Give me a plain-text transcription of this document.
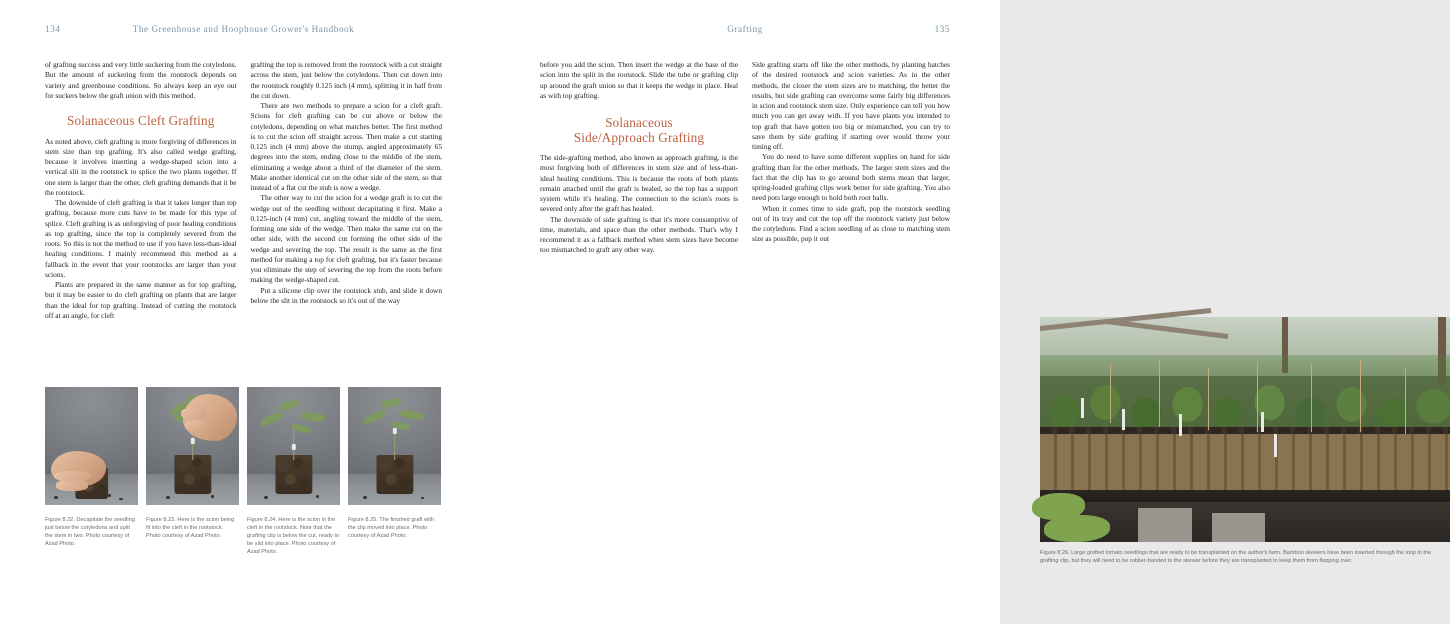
134	The Greenhouse and Hoophouse Grower's Handbook

of grafting success and very little suckering from the cotyledons. But the amount of suckering from the rootstock depends on variety and greenhouse conditions. So always keep an eye out for suckers below the graft union with this method.

Solanaceous Cleft Grafting

As noted above, cleft grafting is more forgiving of differences in stem size than top grafting. It's also called wedge grafting, because it involves inserting a wedge-shaped scion into a vertical slit in the rootstock to splice the two plants together. If one stem is larger than the other, cleft grafting demands that it be the rootstock.

The downside of cleft grafting is that it takes longer than top grafting, because more cuts have to be made for this type of splice. Cleft grafting is as unforgiving of poor healing conditions as top grafting, since the top is completely severed from the roots. So this is not the method to use if you have less-than-ideal healing conditions. I mainly recommend this method as a fallback in the event that your rootstocks are larger than your scions.

Plants are prepared in the same manner as for top grafting, but it may be easier to do cleft grafting on plants that are larger than the ideal for top grafting. Instead of cutting the rootstock off at an angle, for cleft

grafting the top is removed from the rootstock with a cut straight across the stem, just below the cotyledons. Then cut down into the rootstock roughly 0.125 inch (4 mm), splitting it in half from the cut down.

There are two methods to prepare a scion for a cleft graft. Scions for cleft grafting can be cut above or below the cotyledons, depending on what matches better. The first method is to cut the scion off straight across. Then make a cut starting 0.125 inch (4 mm) above the stump, angled approximately 65 degrees into the stem, ending close to the middle of the stem, eliminating a wedge about a third of the diameter of the stem. Make another identical cut on the other side of the stem, so that instead of a flat cut the stub is now a wedge.

The other way to cut the scion for a wedge graft is to cut the wedge out of the seedling without decapitating it first. Make a 0.125-inch (4 mm) cut, angling toward the middle of the stem, forming one side of the wedge. Then make the same cut on the other side, with the second cut forming the other side of the wedge and severing the top. The result is the same as the first method for making a top for cleft grafting, but it's faster because you eliminate the step of severing the top from the roots before making the wedge-shaped cut.

Put a silicone clip over the rootstock stub, and slide it down below the slit in the rootstock so it's out of the way

Figure 8.22. Decapitate the seedling just below the cotyledons and split the stem in two. Photo courtesy of Azad Photo.
Figure 8.23. Here is the scion being fit into the cleft in the rootstock. Photo courtesy of Azad Photo.
Figure 8.24. Here is the scion in the cleft in the rootstock. Note that the grafting clip is below the cut, ready to be slid into place. Photo courtesy of Azad Photo.
Figure 8.25. The finished graft with the clip moved into place. Photo courtesy of Azad Photo.
Grafting	135

before you add the scion. Then insert the wedge at the base of the scion into the split in the rootstock. Slide the tube or grafting clip up around the graft union so that it keeps the wedge in place. Heal as with top grafting.

Solanaceous
Side/Approach Grafting

The side-grafting method, also known as approach grafting, is the most forgiving both of differences in stem size and of less-than-ideal healing conditions. This is because the roots of both plants remain attached until the graft is healed, so the top has a support system while it's healing. The connection to the scion's roots is severed only after the graft has healed.

The downside of side grafting is that it's more consumptive of time, materials, and space than the other methods. That's why I recommend it as a fallback method when stem sizes have become too mismatched to graft any other way.

Side grafting starts off like the other methods, by planting batches of the desired rootstock and scion varieties. As in the other methods, the closer the stem sizes are to matching, the better the results, but side grafting can overcome some fairly big differences in scion and rootstock stem size. Only experience can tell you how much you can get away with. If you have plants you intended to top graft that have gotten too big or mismatched, you can try to save them by side grafting if starting over would throw your timing off.

You do need to have some different supplies on hand for side grafting than for the other methods. The larger stem sizes and the fact that the clip has to go around both stems mean that larger, spring-loaded grafting clips work better for side grafting. You also need pots large enough to hold both root balls.

When it comes time to side graft, pop the rootstock seedling out of its tray and cut the top off the rootstock variety just below the cotyledons. Find a scion seedling of as close to matching stem size as possible, pop it out

Figure 8.26. Large grafted tomato seedlings that are ready to be transplanted on the author's farm. Bamboo skewers have been inserted through the loop in the grafting clip, but they will need to be rubber-banded to the skewer before they are transplanted to keep them from flopping over.
